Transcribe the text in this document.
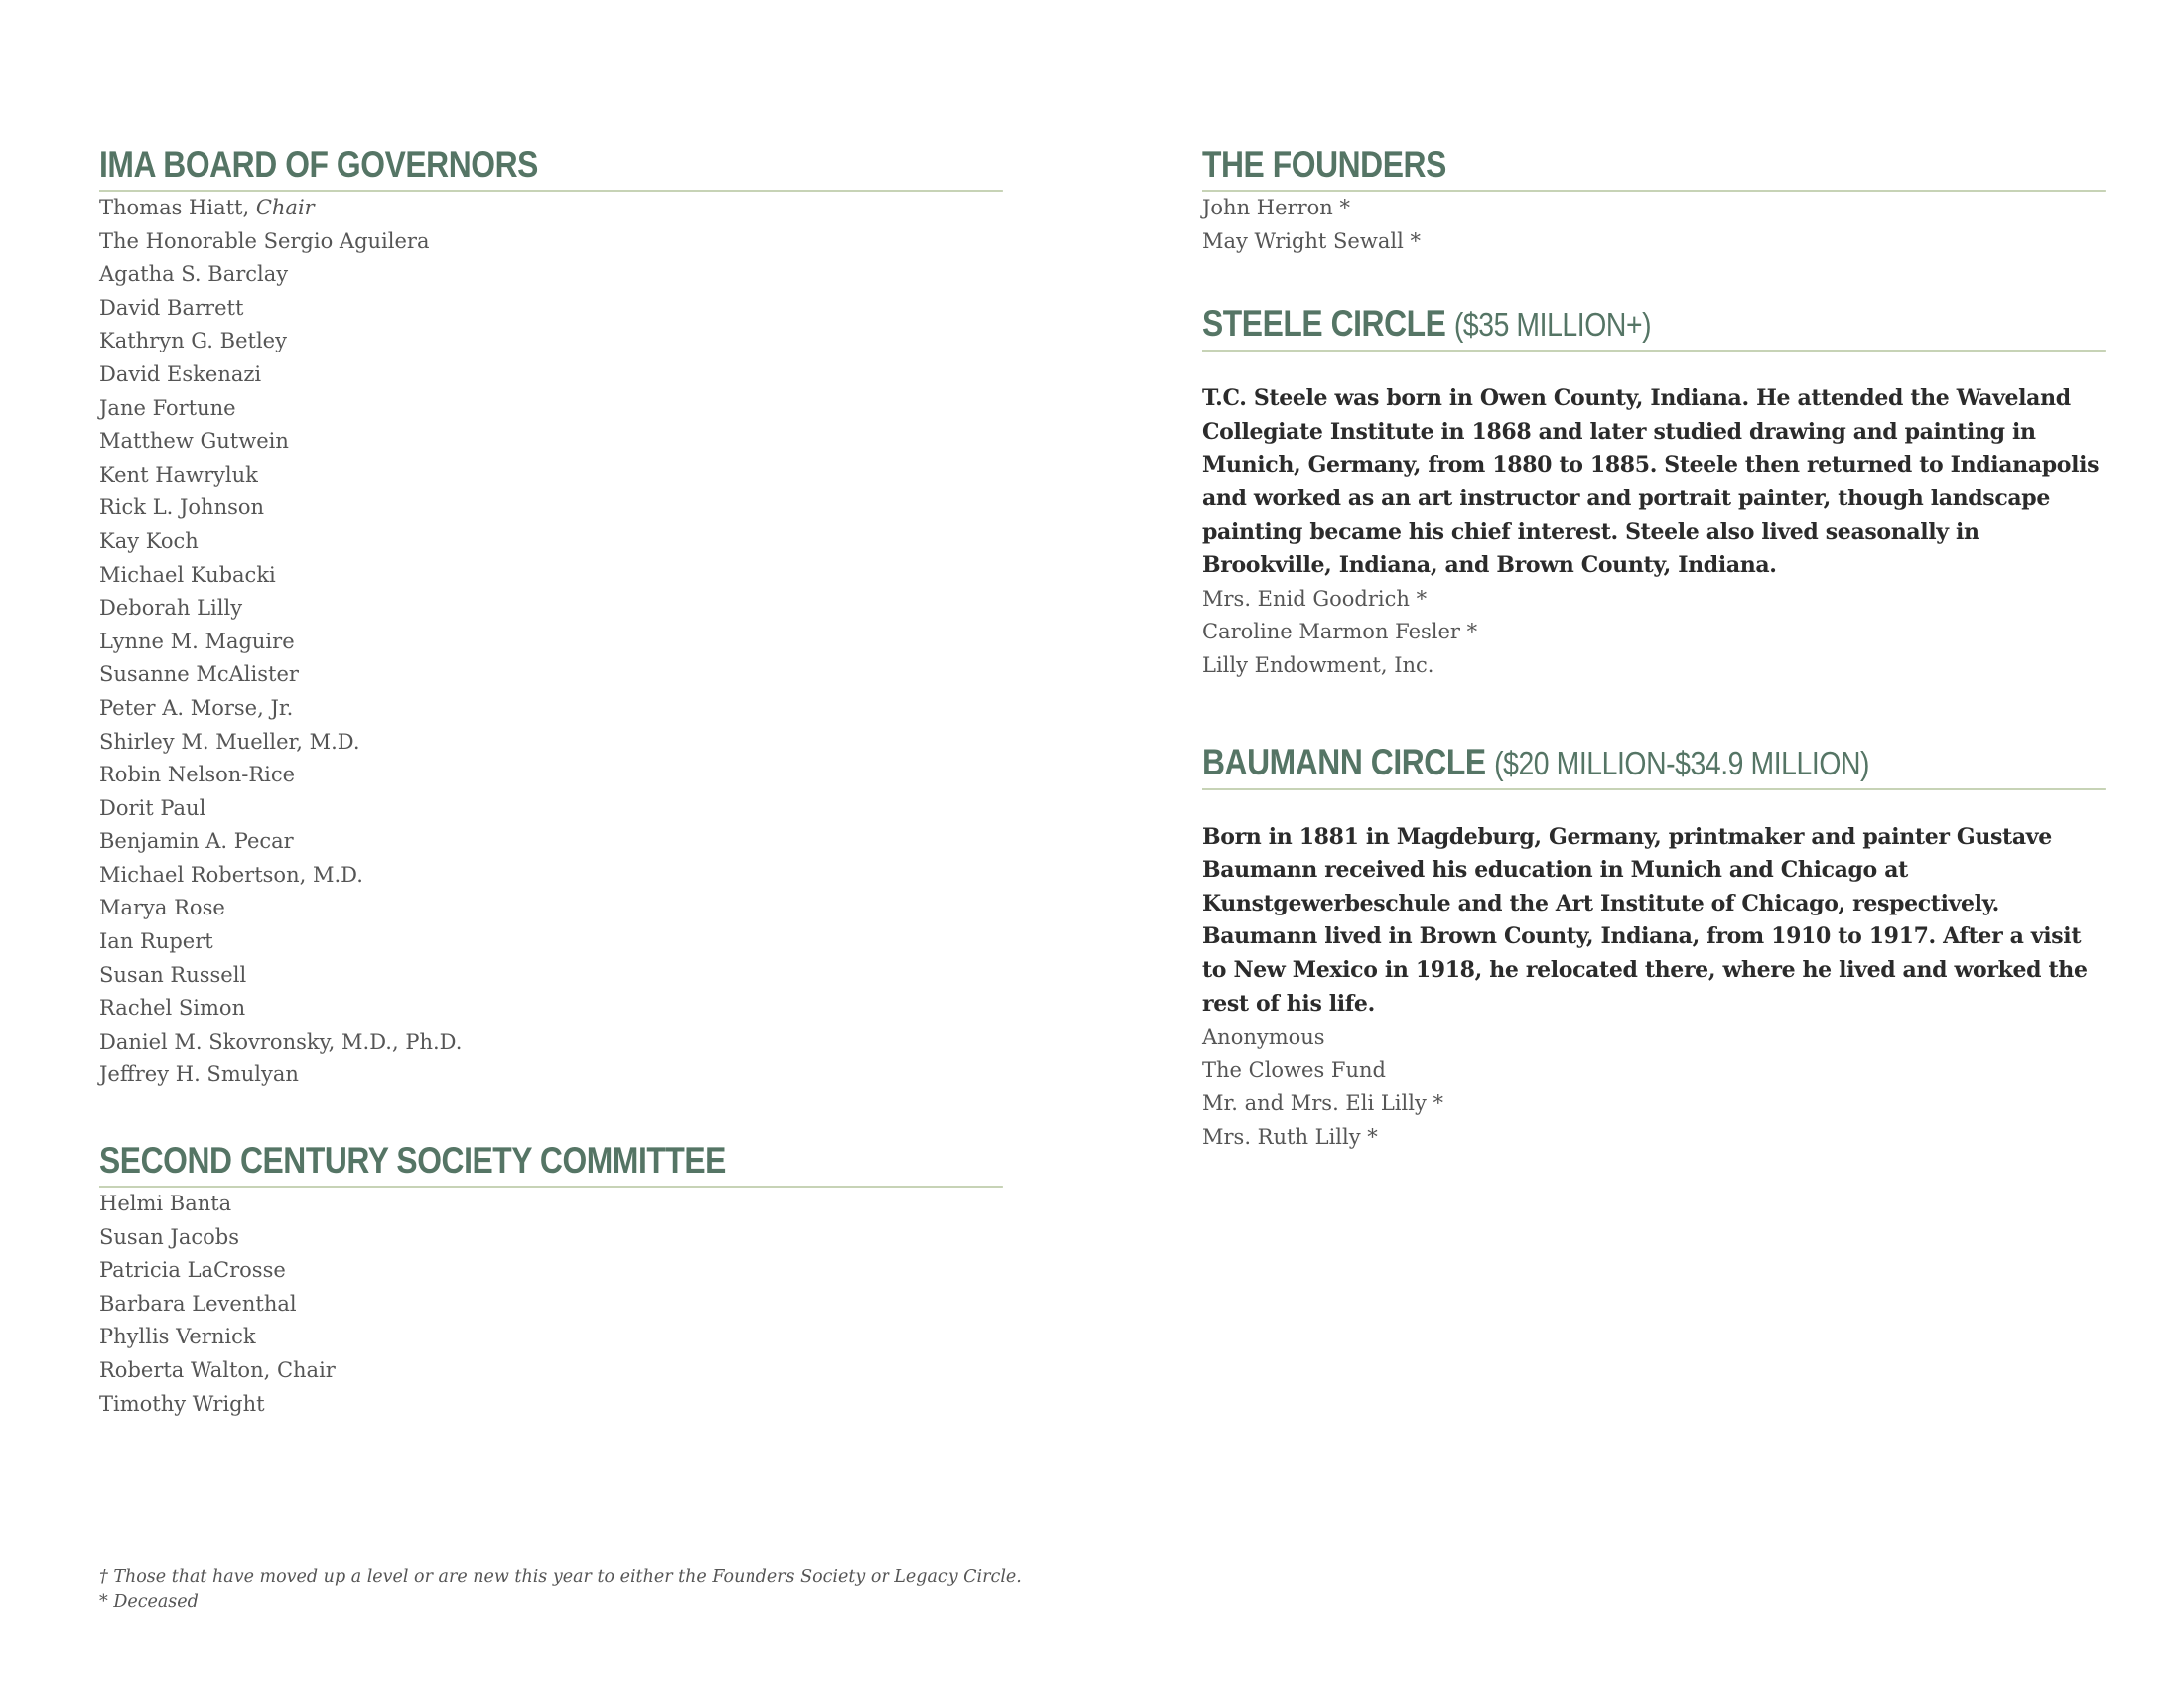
IMA BOARD OF GOVERNORS
Thomas Hiatt, Chair
The Honorable Sergio Aguilera
Agatha S. Barclay
David Barrett
Kathryn G. Betley
David Eskenazi
Jane Fortune
Matthew Gutwein
Kent Hawryluk
Rick L. Johnson
Kay Koch
Michael Kubacki
Deborah Lilly
Lynne M. Maguire
Susanne McAlister
Peter A. Morse, Jr.
Shirley M. Mueller, M.D.
Robin Nelson-Rice
Dorit Paul
Benjamin A. Pecar
Michael Robertson, M.D.
Marya Rose
Ian Rupert
Susan Russell
Rachel Simon
Daniel M. Skovronsky, M.D., Ph.D.
Jeffrey H. Smulyan
SECOND CENTURY SOCIETY COMMITTEE
Helmi Banta
Susan Jacobs
Patricia LaCrosse
Barbara Leventhal
Phyllis Vernick
Roberta Walton, Chair
Timothy Wright
THE FOUNDERS
John Herron *
May Wright Sewall *
STEELE CIRCLE ($35 MILLION+)

T.C. Steele was born in Owen County, Indiana. He attended the Waveland Collegiate Institute in 1868 and later studied drawing and painting in Munich, Germany, from 1880 to 1885. Steele then returned to Indianapolis and worked as an art instructor and portrait painter, though landscape painting became his chief interest. Steele also lived seasonally in Brookville, Indiana, and Brown County, Indiana.

Mrs. Enid Goodrich *
Caroline Marmon Fesler *
Lilly Endowment, Inc.
BAUMANN CIRCLE ($20 MILLION-$34.9 MILLION)

Born in 1881 in Magdeburg, Germany, printmaker and painter Gustave Baumann received his education in Munich and Chicago at Kunstgewerbeschule and the Art Institute of Chicago, respectively. Baumann lived in Brown County, Indiana, from 1910 to 1917. After a visit to New Mexico in 1918, he relocated there, where he lived and worked the rest of his life.

Anonymous
The Clowes Fund
Mr. and Mrs. Eli Lilly *
Mrs. Ruth Lilly *
† Those that have moved up a level or are new this year to either the Founders Society or Legacy Circle.
* Deceased
